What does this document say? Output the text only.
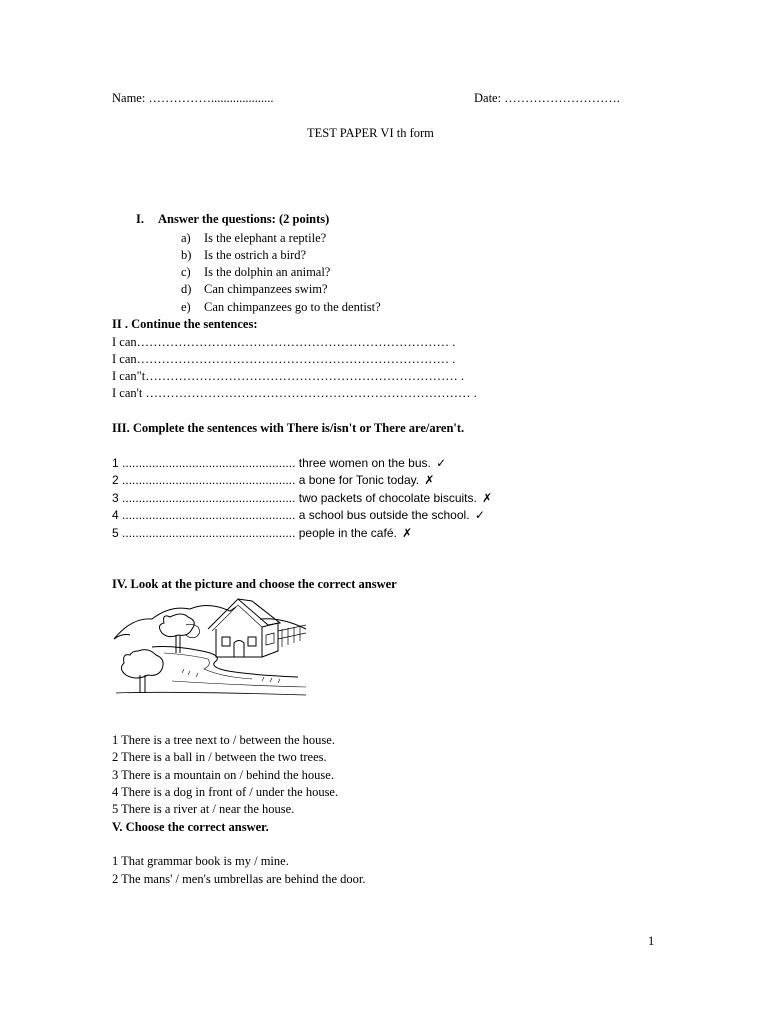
Name: ……………....................	Date: ……………………….
TEST PAPER VI th form
I. Answer the questions: (2 points)
a) Is the elephant a reptile?
b) Is the ostrich a bird?
c) Is the dolphin an animal?
d) Can chimpanzees swim?
e) Can chimpanzees go to the dentist?
II . Continue the sentences:
I can………………………………………………………………… .
I can………………………………………………………………… .
I can"t………………………………………………………………… .
I can't …………………………………………………………………… .
III. Complete the sentences with There is/isn't or There are/aren't.
1 .................................................... three women on the bus. ✓
2 .................................................... a bone for Tonic today. ✗
3 .................................................... two packets of chocolate biscuits. ✗
4 .................................................... a school bus outside the school. ✓
5 .................................................... people in the café. ✗
IV. Look at the picture and choose the correct answer
1 There is a tree next to / between the house.
2 There is a ball in / between the two trees.
3 There is a mountain on / behind the house.
4 There is a dog in front of / under the house.
5 There is a river at / near the house.
V. Choose the correct answer.
1 That grammar book is my / mine.
2 The mans' / men's umbrellas are behind the door.
1
